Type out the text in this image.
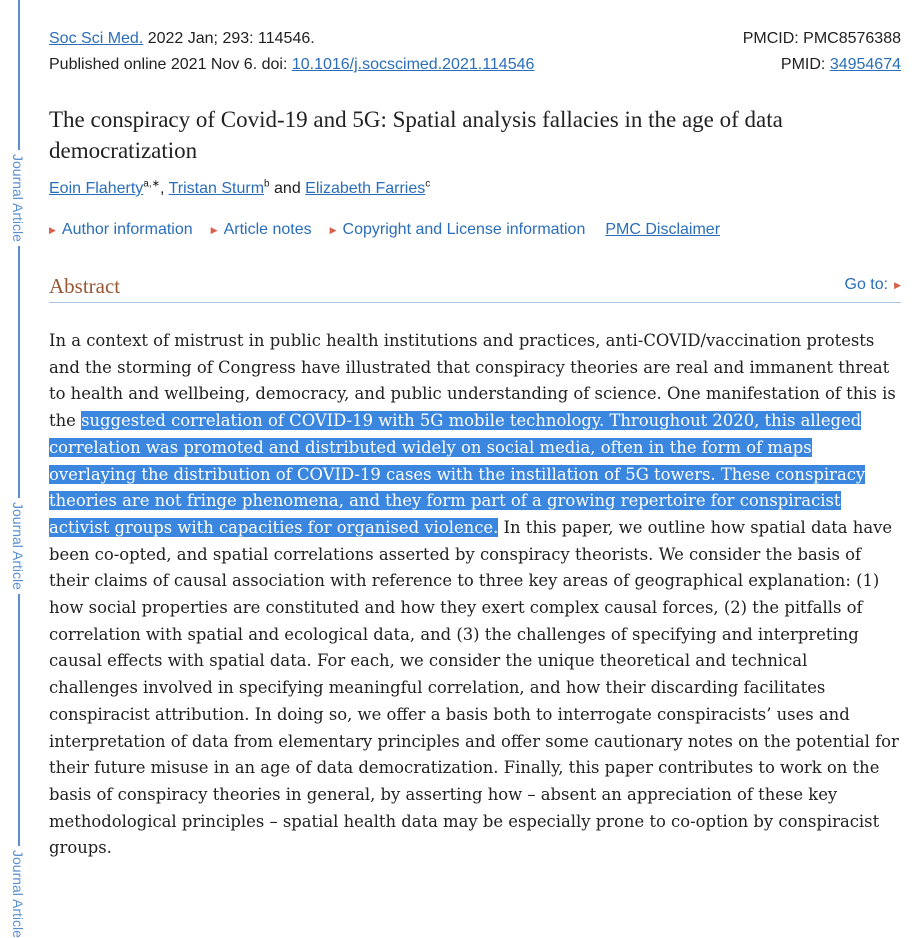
Journal Article
Journal Article
Journal Article
Soc Sci Med. 2022 Jan; 293: 114546.	PMCID: PMC8576388
Published online 2021 Nov 6. doi: 10.1016/j.socscimed.2021.114546	PMID: 34954674
The conspiracy of Covid-19 and 5G: Spatial analysis fallacies in the age of data democratization
Eoin Flaherty$^{a,∗}$, Tristan Sturm$^b$ and Elizabeth Farries$^c$
▶ Author information ▶ Article notes ▶ Copyright and License information PMC Disclaimer
Abstract	Go to: ▶

In a context of mistrust in public health institutions and practices, anti-COVID/vaccination protests and the storming of Congress have illustrated that conspiracy theories are real and immanent threat to health and wellbeing, democracy, and public understanding of science. One manifestation of this is the suggested correlation of COVID-19 with 5G mobile technology. Throughout 2020, this alleged correlation was promoted and distributed widely on social media, often in the form of maps overlaying the distribution of COVID-19 cases with the instillation of 5G towers. These conspiracy theories are not fringe phenomena, and they form part of a growing repertoire for conspiracist activist groups with capacities for organised violence. In this paper, we outline how spatial data have been co-opted, and spatial correlations asserted by conspiracy theorists. We consider the basis of their claims of causal association with reference to three key areas of geographical explanation: (1) how social properties are constituted and how they exert complex causal forces, (2) the pitfalls of correlation with spatial and ecological data, and (3) the challenges of specifying and interpreting causal effects with spatial data. For each, we consider the unique theoretical and technical challenges involved in specifying meaningful correlation, and how their discarding facilitates conspiracist attribution. In doing so, we offer a basis both to interrogate conspiracists’ uses and interpretation of data from elementary principles and offer some cautionary notes on the potential for their future misuse in an age of data democratization. Finally, this paper contributes to work on the basis of conspiracy theories in general, by asserting how – absent an appreciation of these key methodological principles – spatial health data may be especially prone to co-option by conspiracist groups.
